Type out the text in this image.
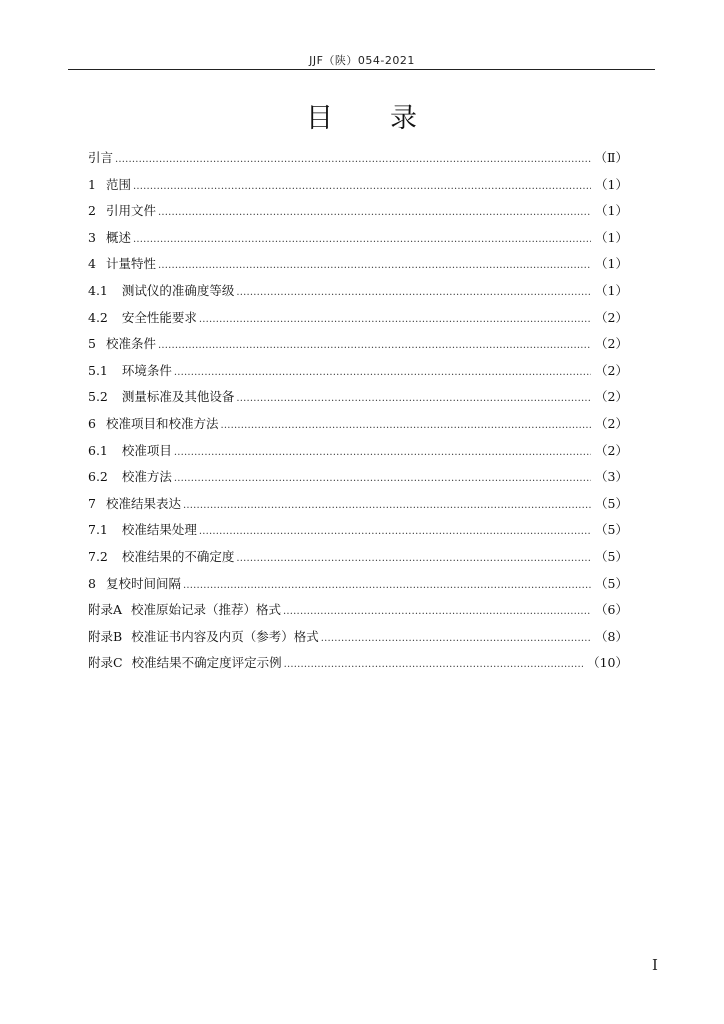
JJF（陕）054-2021
目　　录
引言 .....	（Ⅱ）
1 范围 .....	（1）
2 引用文件 .....	（1）
3 概述 .....	（1）
4 计量特性 .....	（1）
4.1 测试仪的准确度等级 .....	（1）
4.2 安全性能要求 .....	（2）
5 校准条件 .....	（2）
5.1 环境条件 .....	（2）
5.2 测量标准及其他设备 .....	（2）
6 校准项目和校准方法 .....	（2）
6.1 校准项目 .....	（2）
6.2 校准方法 .....	（3）
7 校准结果表达 .....	（5）
7.1 校准结果处理 .....	（5）
7.2 校准结果的不确定度 .....	（5）
8 复校时间间隔 .....	（5）
附录A 校准原始记录（推荐）格式 .....	（6）
附录B 校准证书内容及内页（参考）格式 .....	（8）
附录C 校准结果不确定度评定示例 .....	（10）
I
